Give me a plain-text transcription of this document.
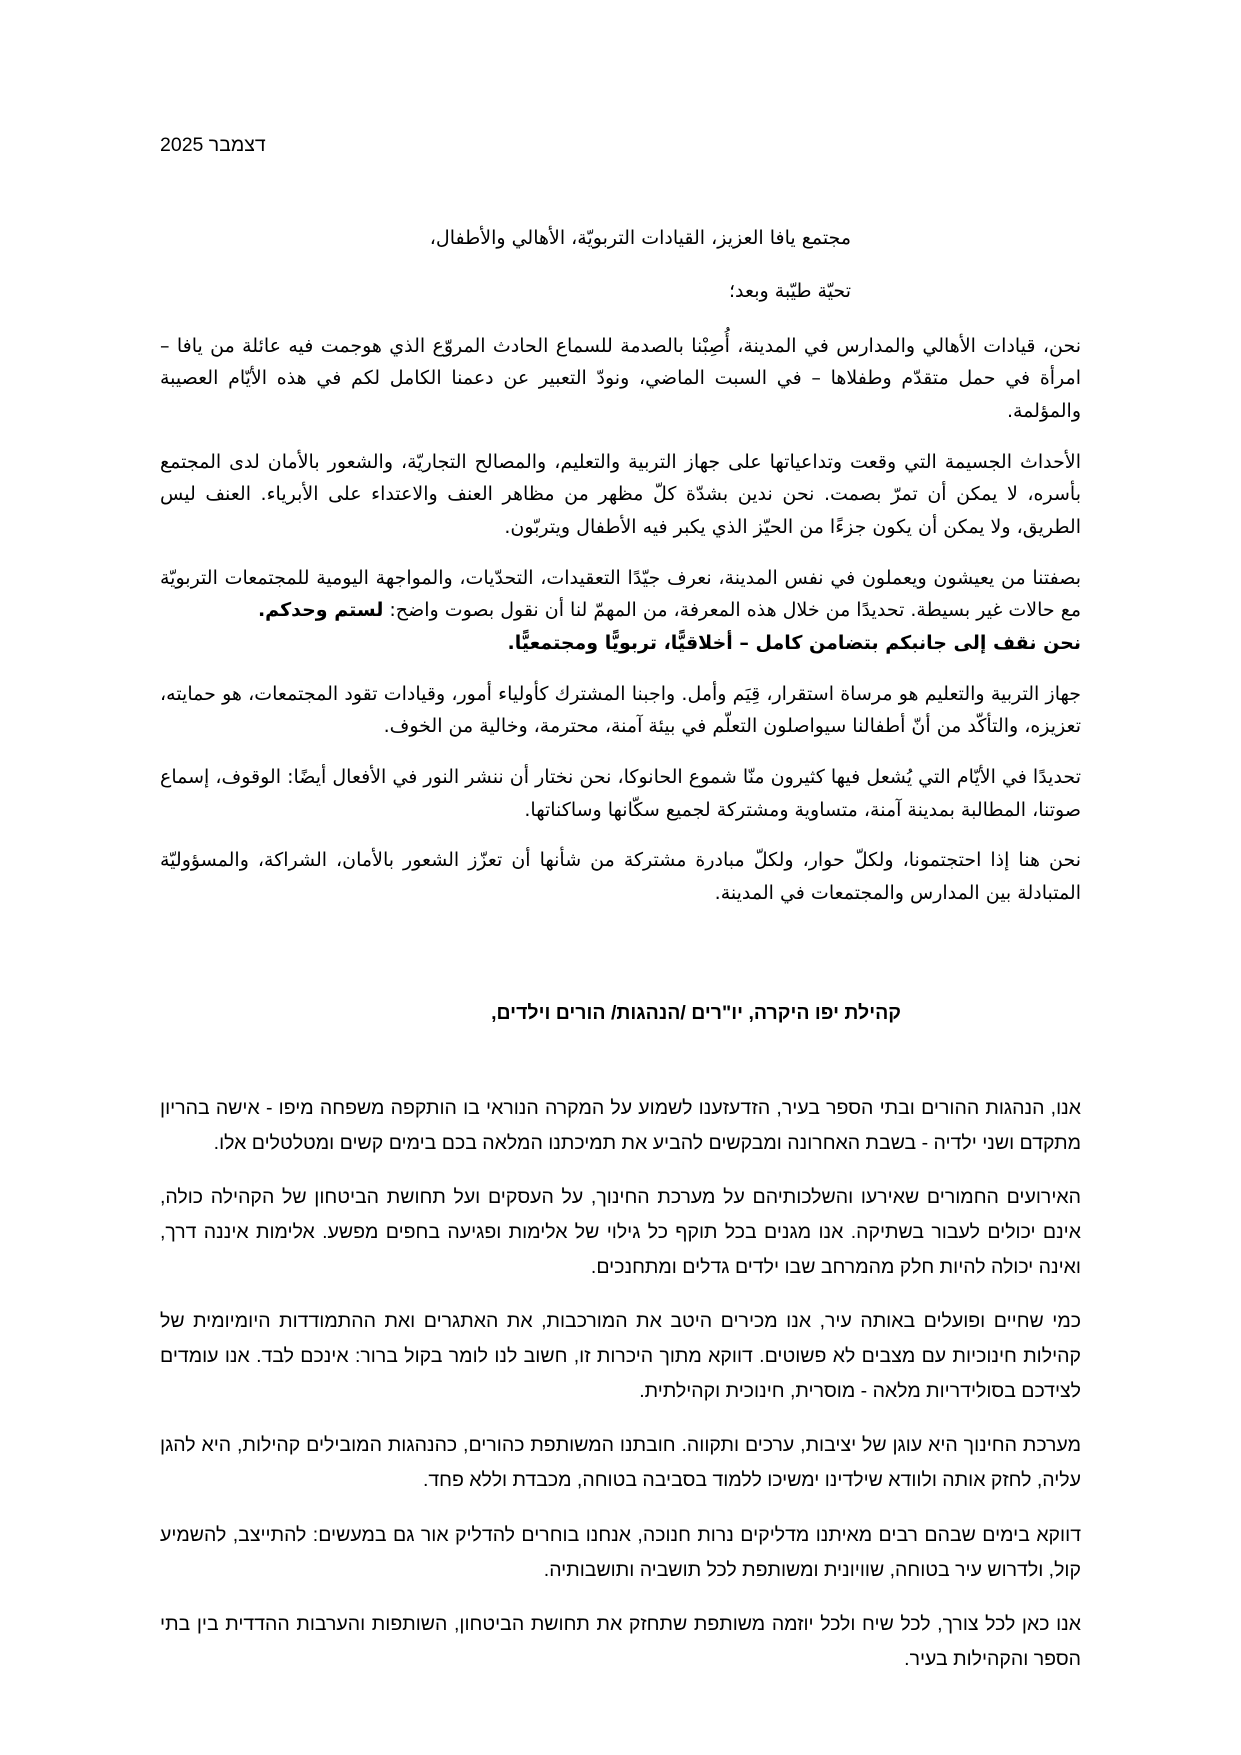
דצמבר 2025

مجتمع يافا العزيز، القيادات التربويّة، الأهالي والأطفال،

تحيّة طيّبة وبعد؛

نحن، قيادات الأهالي والمدارس في المدينة، أُصِبْنا بالصدمة للسماع الحادث المروّع الذي هوجمت فيه عائلة من يافا – امرأة في حمل متقدّم وطفلاها – في السبت الماضي، ونودّ التعبير عن دعمنا الكامل لكم في هذه الأيّام العصيبة والمؤلمة.

الأحداث الجسيمة التي وقعت وتداعياتها على جهاز التربية والتعليم، والمصالح التجاريّة، والشعور بالأمان لدى المجتمع بأسره، لا يمكن أن تمرّ بصمت. نحن ندين بشدّة كلّ مظهر من مظاهر العنف والاعتداء على الأبرياء. العنف ليس الطريق، ولا يمكن أن يكون جزءًا من الحيّز الذي يكبر فيه الأطفال ويتربّون.

بصفتنا من يعيشون ويعملون في نفس المدينة، نعرف جيّدًا التعقيدات، التحدّيات، والمواجهة اليومية للمجتمعات التربويّة مع حالات غير بسيطة. تحديدًا من خلال هذه المعرفة، من المهمّ لنا أن نقول بصوت واضح: لستم وحدكم.
نحن نقف إلى جانبكم بتضامن كامل – أخلاقيًّا، تربويًّا ومجتمعيًّا.

جهاز التربية والتعليم هو مرساة استقرار، قِيَم وأمل. واجبنا المشترك كأولياء أمور، وقيادات تقود المجتمعات، هو حمايته، تعزيزه، والتأكّد من أنّ أطفالنا سيواصلون التعلّم في بيئة آمنة، محترمة، وخالية من الخوف.

تحديدًا في الأيّام التي يُشعل فيها كثيرون منّا شموع الحانوكا، نحن نختار أن ننشر النور في الأفعال أيضًا: الوقوف، إسماع صوتنا، المطالبة بمدينة آمنة، متساوية ومشتركة لجميع سكّانها وساكناتها.

نحن هنا إذا احتجتمونا، ولكلّ حوار، ولكلّ مبادرة مشتركة من شأنها أن تعزّز الشعور بالأمان، الشراكة، والمسؤوليّة المتبادلة بين المدارس والمجتمعات في المدينة.

קהילת יפו היקרה, יו"רים /הנהגות/ הורים וילדים,

אנו, הנהגות ההורים ובתי הספר בעיר, הזדעזענו לשמוע על המקרה הנוראי בו הותקפה משפחה מיפו - אישה בהריון מתקדם ושני ילדיה - בשבת האחרונה ומבקשים להביע את תמיכתנו המלאה בכם בימים קשים ומטלטלים אלו.

האירועים החמורים שאירעו והשלכותיהם על מערכת החינוך, על העסקים ועל תחושת הביטחון של הקהילה כולה, אינם יכולים לעבור בשתיקה. אנו מגנים בכל תוקף כל גילוי של אלימות ופגיעה בחפים מפשע. אלימות איננה דרך, ואינה יכולה להיות חלק מהמרחב שבו ילדים גדלים ומתחנכים.

כמי שחיים ופועלים באותה עיר, אנו מכירים היטב את המורכבות, את האתגרים ואת ההתמודדות היומיומית של קהילות חינוכיות עם מצבים לא פשוטים. דווקא מתוך היכרות זו, חשוב לנו לומר בקול ברור: אינכם לבד. אנו עומדים לצידכם בסולידריות מלאה - מוסרית, חינוכית וקהילתית.

מערכת החינוך היא עוגן של יציבות, ערכים ותקווה. חובתנו המשותפת כהורים, כהנהגות המובילים קהילות, היא להגן עליה, לחזק אותה ולוודא שילדינו ימשיכו ללמוד בסביבה בטוחה, מכבדת וללא פחד.

דווקא בימים שבהם רבים מאיתנו מדליקים נרות חנוכה, אנחנו בוחרים להדליק אור גם במעשים: להתייצב, להשמיע קול, ולדרוש עיר בטוחה, שוויונית ומשותפת לכל תושביה ותושבותיה.

אנו כאן לכל צורך, לכל שיח ולכל יוזמה משותפת שתחזק את תחושת הביטחון, השותפות והערבות ההדדית בין בתי הספר והקהילות בעיר.
